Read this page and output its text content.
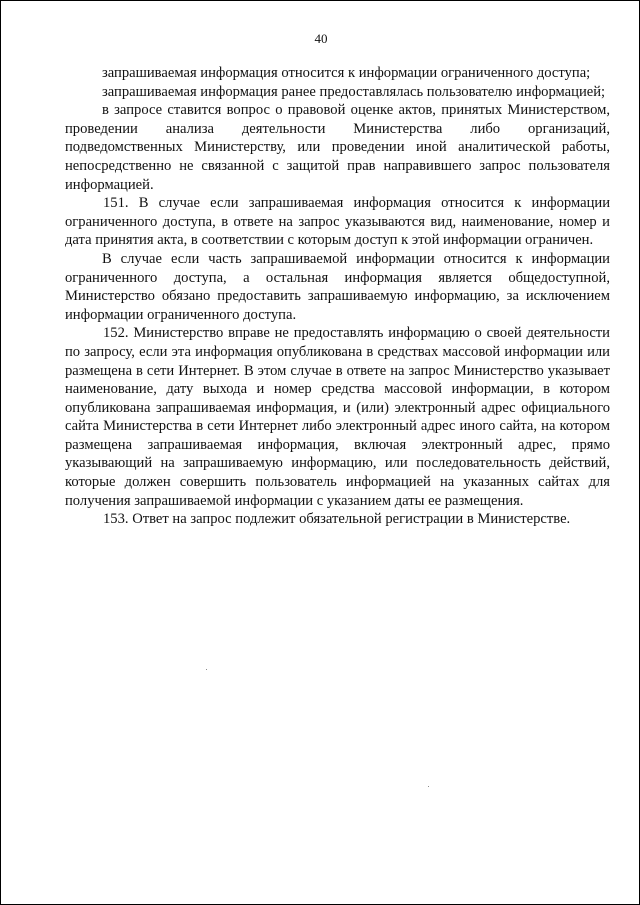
40

запрашиваемая информация относится к информации ограниченного доступа;

запрашиваемая информация ранее предоставлялась пользователю информацией;

в запросе ставится вопрос о правовой оценке актов, принятых Министерством, проведении анализа деятельности Министерства либо организаций, подведомственных Министерству, или проведении иной аналитической работы, непосредственно не связанной с защитой прав направившего запрос пользователя информацией.

151. В случае если запрашиваемая информация относится к информации ограниченного доступа, в ответе на запрос указываются вид, наименование, номер и дата принятия акта, в соответствии с которым доступ к этой информации ограничен.

В случае если часть запрашиваемой информации относится к информации ограниченного доступа, а остальная информация является общедоступной, Министерство обязано предоставить запрашиваемую информацию, за исключением информации ограниченного доступа.

152. Министерство вправе не предоставлять информацию о своей деятельности по запросу, если эта информация опубликована в средствах массовой информации или размещена в сети Интернет. В этом случае в ответе на запрос Министерство указывает наименование, дату выхода и номер средства массовой информации, в котором опубликована запрашиваемая информация, и (или) электронный адрес официального сайта Министерства в сети Интернет либо электронный адрес иного сайта, на котором размещена запрашиваемая информация, включая электронный адрес, прямо указывающий на запрашиваемую информацию, или последовательность действий, которые должен совершить пользователь информацией на указанных сайтах для получения запрашиваемой информации с указанием даты ее размещения.

153. Ответ на запрос подлежит обязательной регистрации в Министерстве.
